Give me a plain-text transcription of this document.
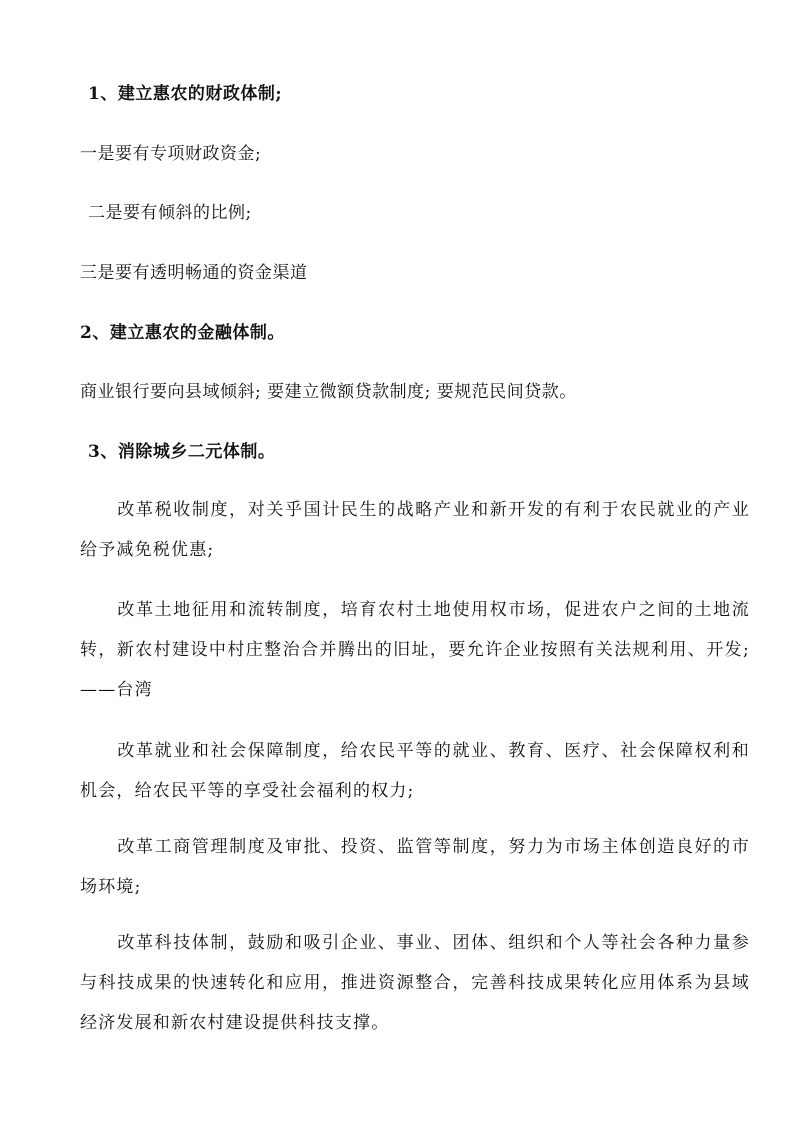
1、建立惠农的财政体制;
一是要有专项财政资金;
二是要有倾斜的比例;
三是要有透明畅通的资金渠道
2、建立惠农的金融体制。
商业银行要向县域倾斜; 要建立微额贷款制度; 要规范民间贷款。
3、消除城乡二元体制。
改革税收制度，对关乎国计民生的战略产业和新开发的有利于农民就业的产业给予减免税优惠;
改革土地征用和流转制度，培育农村土地使用权市场，促进农户之间的土地流转，新农村建设中村庄整治合并腾出的旧址，要允许企业按照有关法规利用、开发; ——台湾
改革就业和社会保障制度，给农民平等的就业、教育、医疗、社会保障权利和机会，给农民平等的享受社会福利的权力;
改革工商管理制度及审批、投资、监管等制度，努力为市场主体创造良好的市场环境;
改革科技体制，鼓励和吸引企业、事业、团体、组织和个人等社会各种力量参与科技成果的快速转化和应用，推进资源整合，完善科技成果转化应用体系为县域经济发展和新农村建设提供科技支撑。
